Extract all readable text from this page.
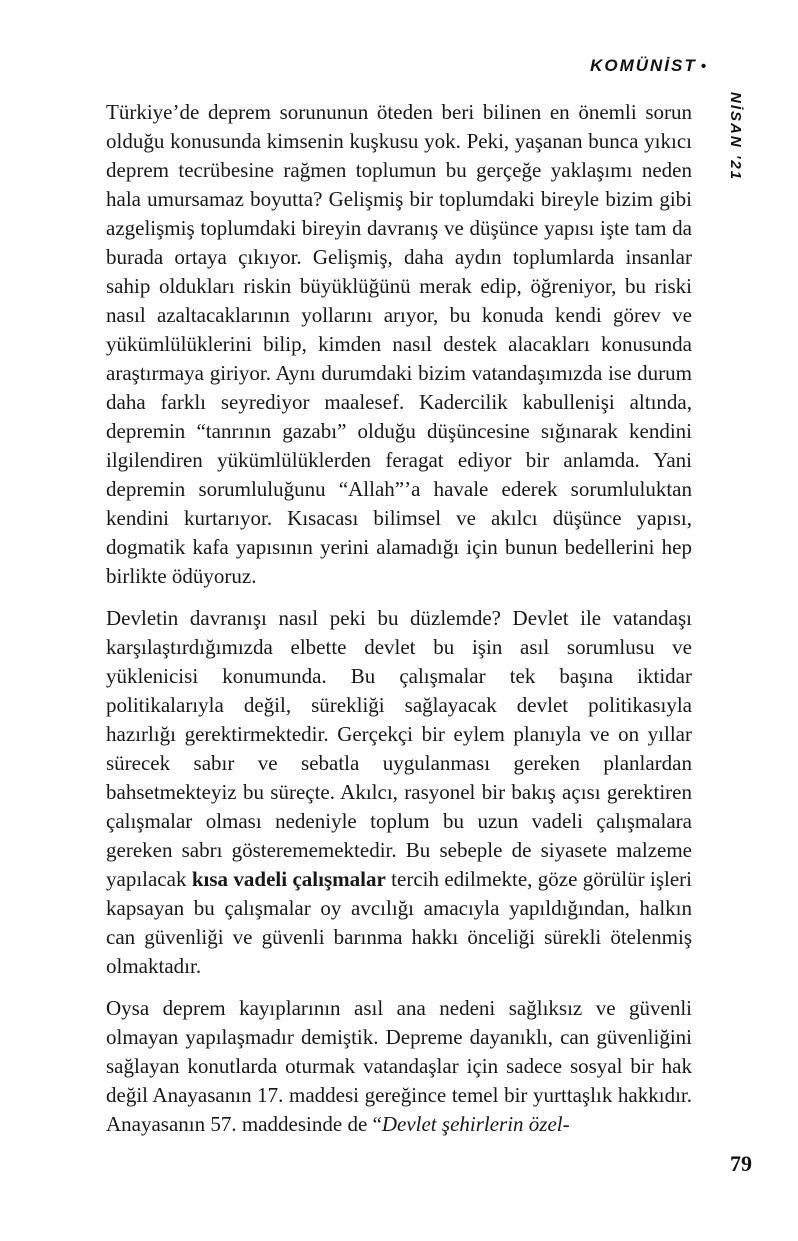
KOMÜNİST •
NİSAN '21

Türkiye’de deprem sorununun öteden beri bilinen en önemli sorun olduğu konusunda kimsenin kuşkusu yok. Peki, yaşanan bunca yıkıcı deprem tecrübesine rağmen toplumun bu gerçeğe yaklaşımı neden hala umursamaz boyutta? Gelişmiş bir toplumdaki bireyle bizim gibi azgelişmiş toplumdaki bireyin davranış ve düşünce yapısı işte tam da burada ortaya çıkıyor. Gelişmiş, daha aydın toplumlarda insanlar sahip oldukları riskin büyüklüğünü merak edip, öğreniyor, bu riski nasıl azaltacaklarının yollarını arıyor, bu konuda kendi görev ve yükümlülüklerini bilip, kimden nasıl destek alacakları konusunda araştırmaya giriyor. Aynı durumdaki bizim vatandaşımızda ise durum daha farklı seyrediyor maalesef. Kadercilik kabullenişi altında, depremin “tanrının gazabı” olduğu düşüncesine sığınarak kendini ilgilendiren yükümlülüklerden feragat ediyor bir anlamda. Yani depremin sorumluluğunu “Allah”’a havale ederek sorumluluktan kendini kurtarıyor. Kısacası bilimsel ve akılcı düşünce yapısı, dogmatik kafa yapısının yerini alamadığı için bunun bedellerini hep birlikte ödüyoruz.

Devletin davranışı nasıl peki bu düzlemde? Devlet ile vatandaşı karşılaştırdığımızda elbette devlet bu işin asıl sorumlusu ve yüklenicisi konumunda. Bu çalışmalar tek başına iktidar politikalarıyla değil, sürekliği sağlayacak devlet politikasıyla hazırlığı gerektirmektedir. Gerçekçi bir eylem planıyla ve on yıllar sürecek sabır ve sebatla uygulanması gereken planlardan bahsetmekteyiz bu süreçte. Akılcı, rasyonel bir bakış açısı gerektiren çalışmalar olması nedeniyle toplum bu uzun vadeli çalışmalara gereken sabrı gösterememektedir. Bu sebeple de siyasete malzeme yapılacak kısa vadeli çalışmalar tercih edilmekte, göze görülür işleri kapsayan bu çalışmalar oy avcılığı amacıyla yapıldığından, halkın can güvenliği ve güvenli barınma hakkı önceliği sürekli ötelenmiş olmaktadır.

Oysa deprem kayıplarının asıl ana nedeni sağlıksız ve güvenli olmayan yapılaşmadır demiştik. Depreme dayanıklı, can güvenliğini sağlayan konutlarda oturmak vatandaşlar için sadece sosyal bir hak değil Anayasanın 17. maddesi gereğince temel bir yurttaşlık hakkıdır. Anayasanın 57. maddesinde de “Devlet şehirlerin özel-

79
